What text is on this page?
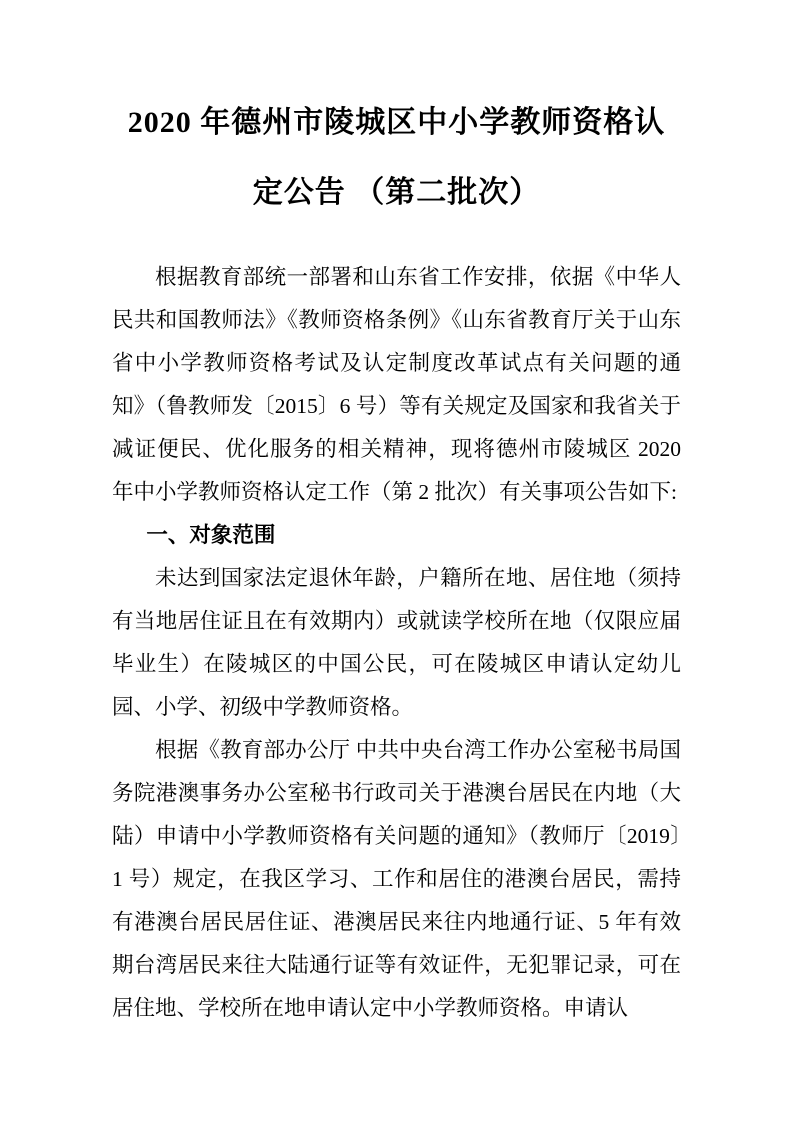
2020 年德州市陵城区中小学教师资格认
定公告 （第二批次）

根据教育部统一部署和山东省工作安排，依据《中华人民共和国教师法》《教师资格条例》《山东省教育厅关于山东省中小学教师资格考试及认定制度改革试点有关问题的通知》（鲁教师发〔2015〕6 号）等有关规定及国家和我省关于减证便民、优化服务的相关精神，现将德州市陵城区 2020 年中小学教师资格认定工作（第 2 批次）有关事项公告如下:

一、对象范围

未达到国家法定退休年龄，户籍所在地、居住地（须持有当地居住证且在有效期内）或就读学校所在地（仅限应届毕业生）在陵城区的中国公民，可在陵城区申请认定幼儿园、小学、初级中学教师资格。

根据《教育部办公厅 中共中央台湾工作办公室秘书局国务院港澳事务办公室秘书行政司关于港澳台居民在内地（大陆）申请中小学教师资格有关问题的通知》（教师厅〔2019〕1 号）规定，在我区学习、工作和居住的港澳台居民，需持有港澳台居民居住证、港澳居民来往内地通行证、5 年有效期台湾居民来往大陆通行证等有效证件，无犯罪记录，可在居住地、学校所在地申请认定中小学教师资格。申请认
